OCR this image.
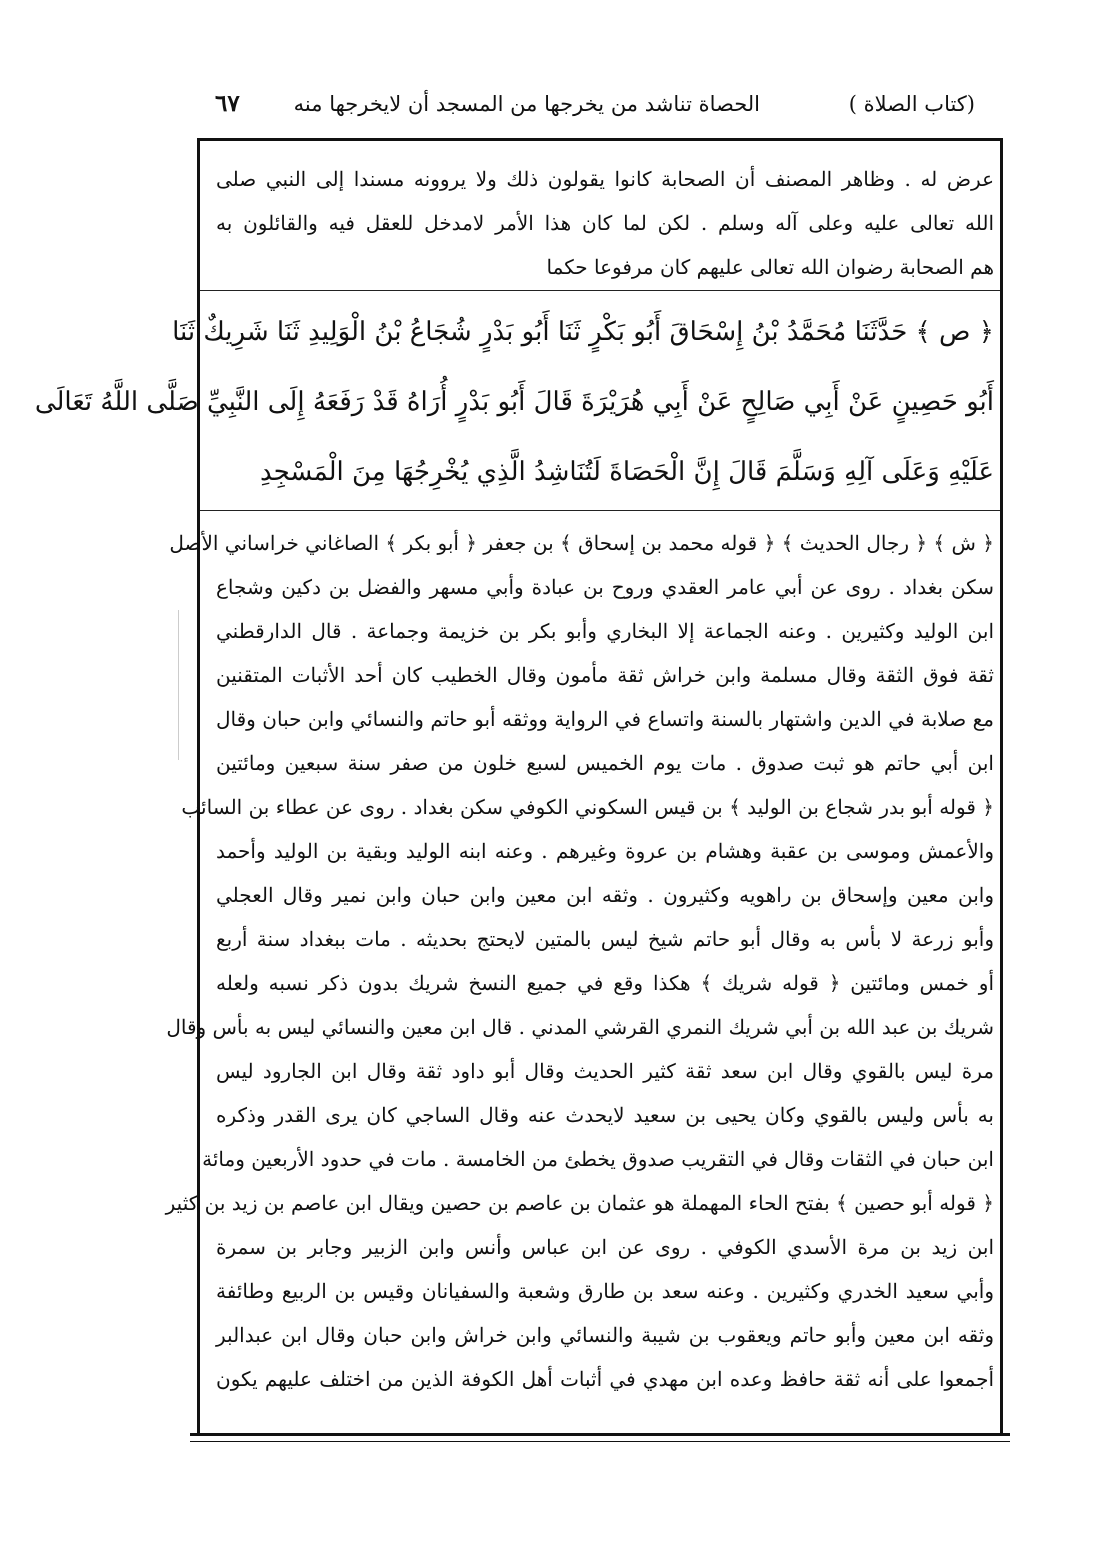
(كتاب الصلاة )
الحصاة تناشد من يخرجها من المسجد أن لايخرجها منه
٦٧
عرض له . وظاهر المصنف أن الصحابة كانوا يقولون ذلك ولا يروونه مسندا إلى النبي صلى
الله تعالى عليه وعلى آله وسلم . لكن لما كان هذا الأمر لامدخل للعقل فيه والقائلون به
هم الصحابة رضوان الله تعالى عليهم كان مرفوعا حكما
﴿ ص ﴾ حَدَّثَنَا مُحَمَّدُ بْنُ إِسْحَاقَ أَبُو بَكْرٍ ثَنَا أَبُو بَدْرٍ شُجَاعُ بْنُ الْوَلِيدِ ثَنَا شَرِيكٌ ثَنَا
أَبُو حَصِينٍ عَنْ أَبِي صَالِحٍ عَنْ أَبِي هُرَيْرَةَ قَالَ أَبُو بَدْرٍ أُرَاهُ قَدْ رَفَعَهُ إِلَى النَّبِيِّ صَلَّى اللَّهُ تَعَالَى
عَلَيْهِ وَعَلَى آلِهِ وَسَلَّمَ قَالَ إِنَّ الْحَصَاةَ لَتُنَاشِدُ الَّذِي يُخْرِجُهَا مِنَ الْمَسْجِدِ
﴿ ش ﴾ ﴿ رجال الحديث ﴾ ﴿ قوله محمد بن إسحاق ﴾ بن جعفر ﴿ أبو بكر ﴾ الصاغاني خراساني الأصل
سكن بغداد . روى عن أبي عامر العقدي وروح بن عبادة وأبي مسهر والفضل بن دكين وشجاع
ابن الوليد وكثيرين . وعنه الجماعة إلا البخاري وأبو بكر بن خزيمة وجماعة . قال الدارقطني
ثقة فوق الثقة وقال مسلمة وابن خراش ثقة مأمون وقال الخطيب كان أحد الأثبات المتقنين
مع صلابة في الدين واشتهار بالسنة واتساع في الرواية ووثقه أبو حاتم والنسائي وابن حبان وقال
ابن أبي حاتم هو ثبت صدوق . مات يوم الخميس لسبع خلون من صفر سنة سبعين ومائتين
﴿ قوله أبو بدر شجاع بن الوليد ﴾ بن قيس السكوني الكوفي سكن بغداد . روى عن عطاء بن السائب
والأعمش وموسى بن عقبة وهشام بن عروة وغيرهم . وعنه ابنه الوليد وبقية بن الوليد وأحمد
وابن معين وإسحاق بن راهويه وكثيرون . وثقه ابن معين وابن حبان وابن نمير وقال العجلي
وأبو زرعة لا بأس به وقال أبو حاتم شيخ ليس بالمتين لايحتج بحديثه . مات ببغداد سنة أربع
أو خمس ومائتين ﴿ قوله شريك ﴾ هكذا وقع في جميع النسخ شريك بدون ذكر نسبه ولعله
شريك بن عبد الله بن أبي شريك النمري القرشي المدني . قال ابن معين والنسائي ليس به بأس وقال
مرة ليس بالقوي وقال ابن سعد ثقة كثير الحديث وقال أبو داود ثقة وقال ابن الجارود ليس
به بأس وليس بالقوي وكان يحيى بن سعيد لايحدث عنه وقال الساجي كان يرى القدر وذكره
ابن حبان في الثقات وقال في التقريب صدوق يخطئ من الخامسة . مات في حدود الأربعين ومائة
﴿ قوله أبو حصين ﴾ بفتح الحاء المهملة هو عثمان بن عاصم بن حصين ويقال ابن عاصم بن زيد بن كثير
ابن زيد بن مرة الأسدي الكوفي . روى عن ابن عباس وأنس وابن الزبير وجابر بن سمرة
وأبي سعيد الخدري وكثيرين . وعنه سعد بن طارق وشعبة والسفيانان وقيس بن الربيع وطائفة
وثقه ابن معين وأبو حاتم ويعقوب بن شيبة والنسائي وابن خراش وابن حبان وقال ابن عبدالبر
أجمعوا على أنه ثقة حافظ وعده ابن مهدي في أثبات أهل الكوفة الذين من اختلف عليهم يكون
